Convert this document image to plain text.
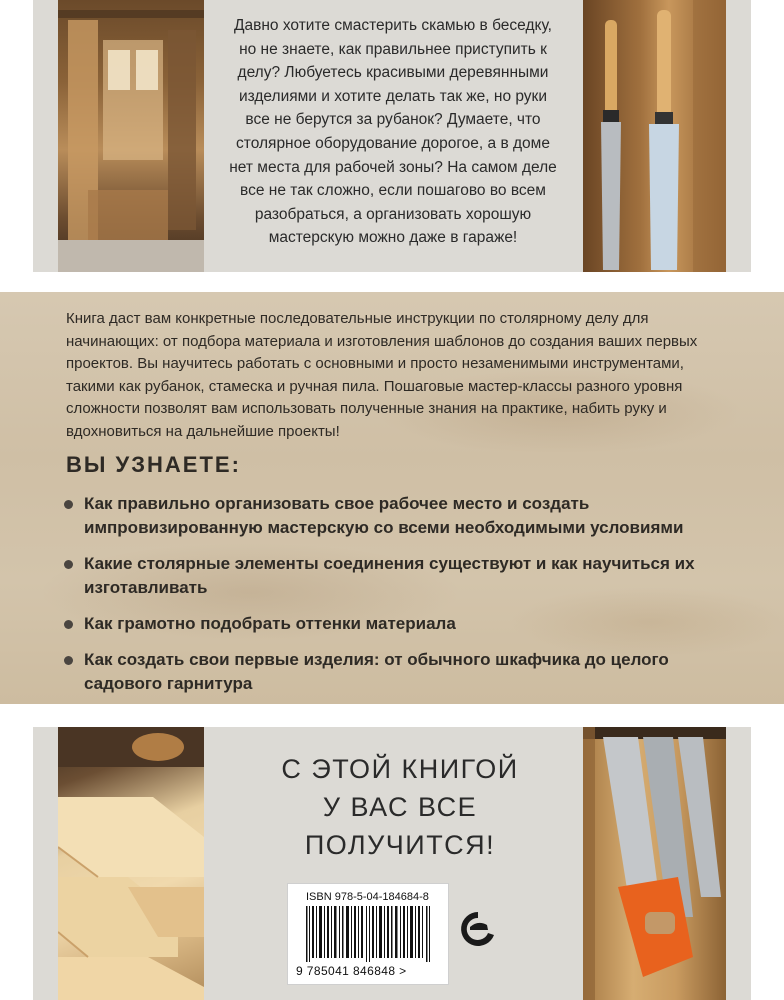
Давно хотите смастерить скамью в беседку, но не знаете, как правильнее приступить к делу? Любуетесь красивыми деревянными изделиями и хотите делать так же, но руки все не берутся за рубанок? Думаете, что столярное оборудование дорогое, а в доме нет места для рабочей зоны? На самом деле все не так сложно, если пошагово во всем разобраться, а организовать хорошую мастерскую можно даже в гараже!
Книга даст вам конкретные последовательные инструкции по столярному делу для начинающих: от подбора материала и изготовления шаблонов до создания ваших первых проектов. Вы научитесь работать с основными и просто незаменимыми инструментами, такими как рубанок, стамеска и ручная пила. Пошаговые мастер-классы разного уровня сложности позволят вам использовать полученные знания на практике, набить руку и вдохновиться на дальнейшие проекты!
ВЫ УЗНАЕТЕ:
Как правильно организовать свое рабочее место и создать импровизированную мастерскую со всеми необходимыми условиями
Какие столярные элементы соединения существуют и как научиться их изготавливать
Как грамотно подобрать оттенки материала
Как создать свои первые изделия: от обычного шкафчика до целого садового гарнитура
С ЭТОЙ КНИГОЙ
У ВАС ВСЕ ПОЛУЧИТСЯ!
ISBN 978-5-04-184684-8
9 785041 846848 >
